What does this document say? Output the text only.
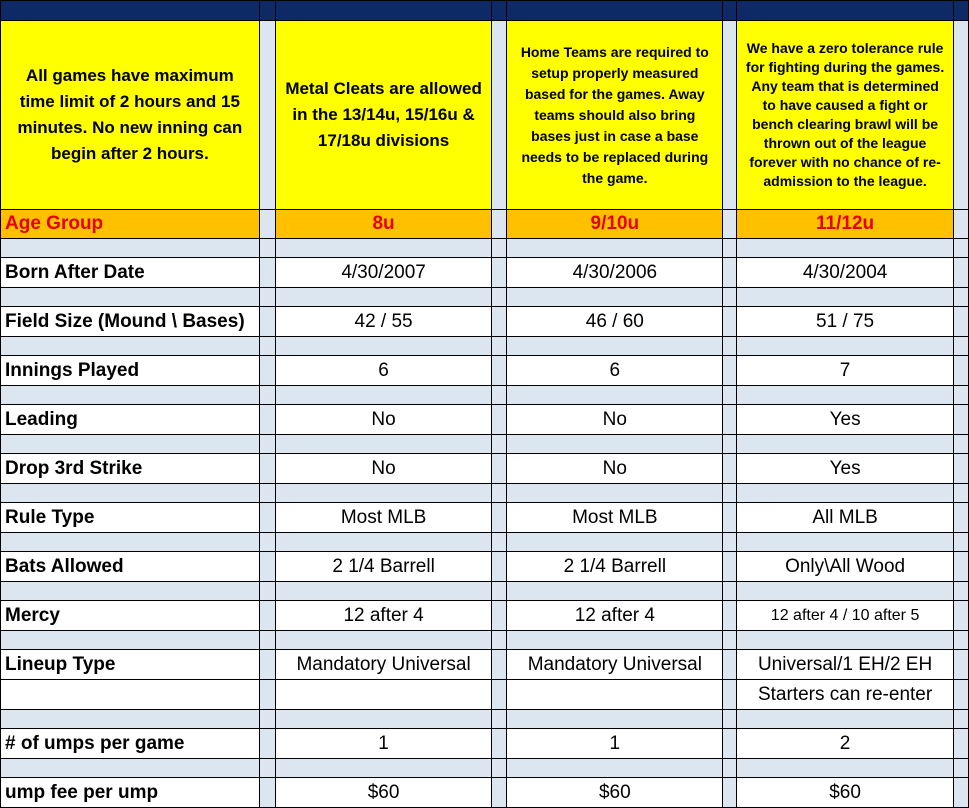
All games have maximum time limit of 2 hours and 15 minutes. No new inning can begin after 2 hours.		Metal Cleats are allowed in the 13/14u, 15/16u & 17/18u divisions		Home Teams are required to setup properly measured based for the games. Away teams should also bring bases just in case a base needs to be replaced during the game.		We have a zero tolerance rule for fighting during the games. Any team that is determined to have caused a fight or bench clearing brawl will be thrown out of the league forever with no chance of re-admission to the league.	
Age Group		8u		9/10u		11/12u	

Born After Date		4/30/2007		4/30/2006		4/30/2004	

Field Size (Mound \ Bases)		42 / 55		46 / 60		51 / 75	

Innings Played		6		6		7	

Leading		No		No		Yes	

Drop 3rd Strike		No		No		Yes	

Rule Type		Most MLB		Most MLB		All MLB	

Bats Allowed		2 1/4 Barrell		2 1/4 Barrell		Only\All Wood	

Mercy		12 after 4		12 after 4		12 after 4 / 10 after 5	

Lineup Type		Mandatory Universal		Mandatory Universal		Universal/1 EH/2 EH	
						Starters can re-enter	

# of umps per game		1		1		2	

ump fee per ump		$60		$60		$60	
